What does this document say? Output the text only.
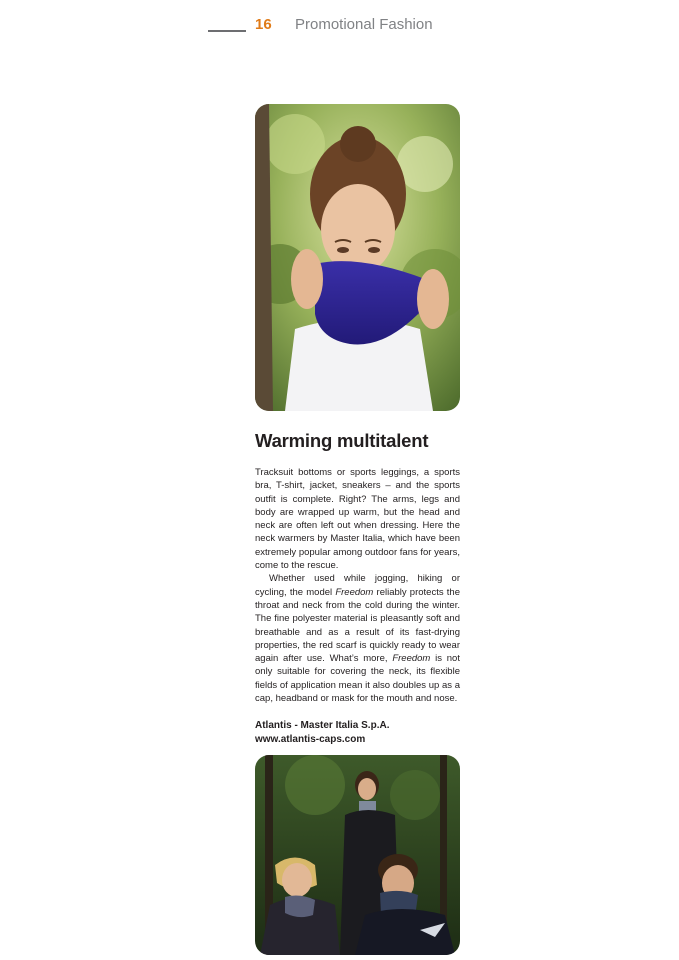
16 Promotional Fashion
Warming multitalent

Tracksuit bottoms or sports leggings, a sports bra, T-shirt, jacket, sneakers – and the sports outfit is complete. Right? The arms, legs and body are wrapped up warm, but the head and neck are often left out when dressing. Here the neck warmers by Master Italia, which have been extremely popular among outdoor fans for years, come to the rescue.

Whether used while jogging, hiking or cycling, the model Freedom reliably protects the throat and neck from the cold during the winter. The fine polyester material is pleasantly soft and breathable and as a result of its fast-drying properties, the red scarf is quickly ready to wear again after use. What’s more, Freedom is not only suitable for covering the neck, its flexible fields of application mean it also doubles up as a cap, headband or mask for the mouth and nose.

Atlantis - Master Italia S.p.A.
www.atlantis-caps.com
